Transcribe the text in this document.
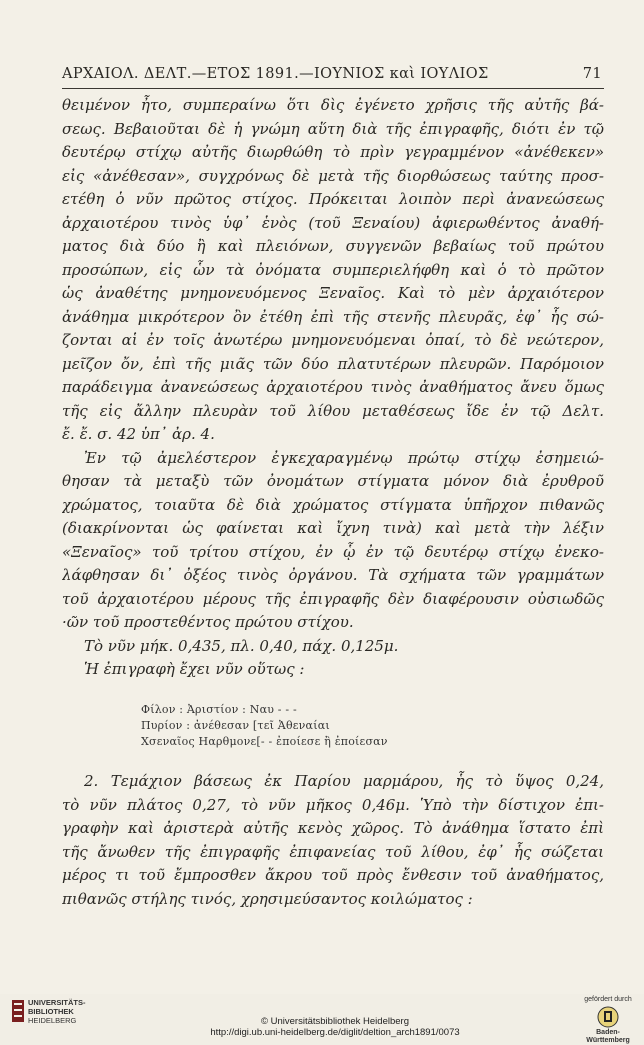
ΑΡΧΑΙΟΛ. ΔΕΛΤ.—ΕΤΟΣ 1891.—ΙΟΥΝΙΟΣ καὶ ΙΟΥΛΙΟΣ	71
θειμένον ἦτο, συμπεραίνω ὅτι δὶς ἐγένετο χρῆσις τῆς αὐτῆς βά-
σεως. Βεβαιοῦται δὲ ἡ γνώμη αὕτη διὰ τῆς ἐπιγραφῆς, διότι ἐν τῷ
δευτέρῳ στίχῳ αὐτῆς διωρθώθη τὸ πρὶν γεγραμμένον «ἀνέθεκεν»
εἰς «ἀνέθεσαν», συγχρόνως δὲ μετὰ τῆς διορθώσεως ταύτης προσ-
ετέθη ὁ νῦν πρῶτος στίχος. Πρόκειται λοιπὸν περὶ ἀνανεώσεως
ἀρχαιοτέρου τινὸς ὑφ᾿ ἑνὸς (τοῦ Ξεναίου) ἀφιερωθέντος ἀναθή-
ματος διὰ δύο ἢ καὶ πλειόνων, συγγενῶν βεβαίως τοῦ πρώτου
προσώπων, εἰς ὧν τὰ ὀνόματα συμπεριελήφθη καὶ ὁ τὸ πρῶτον
ὡς ἀναθέτης μνημονευόμενος Ξεναῖος. Καὶ τὸ μὲν ἀρχαιότερον
ἀνάθημα μικρότερον ὂν ἐτέθη ἐπὶ τῆς στενῆς πλευρᾶς, ἐφ᾿ ἧς σώ-
ζονται αἱ ἐν τοῖς ἀνωτέρω μνημονευόμεναι ὀπαί, τὸ δὲ νεώτερον,
μεῖζον ὄν, ἐπὶ τῆς μιᾶς τῶν δύο πλατυτέρων πλευρῶν. Παρόμοιον
παράδειγμα ἀνανεώσεως ἀρχαιοτέρου τινὸς ἀναθήματος ἄνευ ὅμως
τῆς εἰς ἄλλην πλευρὰν τοῦ λίθου μεταθέσεως ἴδε ἐν τῷ Δελτ.
ἔ. ἔ. σ. 42 ὑπ᾿ ἀρ. 4.
Ἐν τῷ ἀμελέστερον ἐγκεχαραγμένῳ πρώτῳ στίχῳ ἐσημειώ-
θησαν τὰ μεταξὺ τῶν ὀνομάτων στίγματα μόνον διὰ ἐρυθροῦ
χρώματος, τοιαῦτα δὲ διὰ χρώματος στίγματα ὑπῆρχον πιθανῶς
(διακρίνονται ὡς φαίνεται καὶ ἴχνη τινὰ) καὶ μετὰ τὴν λέξιν
«Ξεναῖος» τοῦ τρίτου στίχου, ἐν ᾧ ἐν τῷ δευτέρῳ στίχῳ ἐνεκο-
λάφθησαν δι᾿ ὀξέος τινὸς ὀργάνου. Τὰ σχήματα τῶν γραμμάτων
τοῦ ἀρχαιοτέρου μέρους τῆς ἐπιγραφῆς δὲν διαφέρουσιν οὐσιωδῶς
·ῶν τοῦ προστεθέντος πρώτου στίχου.
Τὸ νῦν μήκ. 0,435, πλ. 0,40, πάχ. 0,125μ.
Ἡ ἐπιγραφὴ ἔχει νῦν οὕτως :
Φίλον : Ἀριστίον : Ναυ - - -
Πυρίον : ἀνέθεσαν [τεῖ Ἀθεναίαι
Χσεναῖος Ηαρθμονε[- - ἐποίεσε ἢ ἐποίεσαν
2. Τεμάχιον βάσεως ἐκ Παρίου μαρμάρου, ἧς τὸ ὕψος 0,24,
τὸ νῦν πλάτος 0,27, τὸ νῦν μῆκος 0,46μ. Ὑπὸ τὴν δίστιχον ἐπι-
γραφὴν καὶ ἀριστερὰ αὐτῆς κενὸς χῶρος. Τὸ ἀνάθημα ἵστατο ἐπὶ
τῆς ἄνωθεν τῆς ἐπιγραφῆς ἐπιφανείας τοῦ λίθου, ἐφ᾿ ἧς σώζεται
μέρος τι τοῦ ἔμπροσθεν ἄκρου τοῦ πρὸς ἔνθεσιν τοῦ ἀναθήματος,
πιθανῶς στήλης τινός, χρησιμεύσαντος κοιλώματος :
UNIVERSITÄTS-
BIBLIOTHEK
HEIDELBERG	© Universitätsbibliothek Heidelberg
http://digi.ub.uni-heidelberg.de/diglit/deltion_arch1891/0073
gefördert durch
Baden-Württemberg
